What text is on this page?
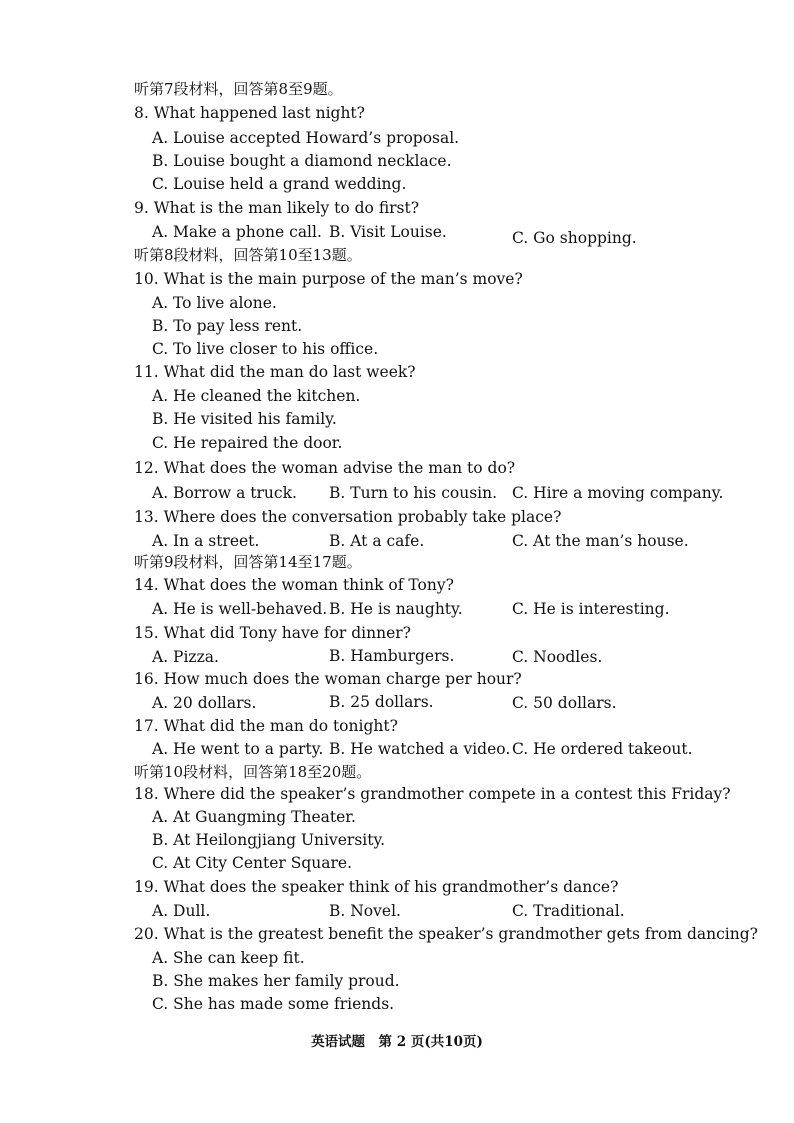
听第7段材料，回答第8至9题。
8. What happened last night?
A. Louise accepted Howard’s proposal.
B. Louise bought a diamond necklace.
C. Louise held a grand wedding.
9. What is the man likely to do first?
A. Make a phone call. B. Visit Louise.	C. Go shopping.
听第8段材料，回答第10至13题。
10. What is the main purpose of the man’s move?
A. To live alone.
B. To pay less rent.
C. To live closer to his office.
11. What did the man do last week?
A. He cleaned the kitchen.
B. He visited his family.
C. He repaired the door.
12. What does the woman advise the man to do?
A. Borrow a truck. B. Turn to his cousin. C. Hire a moving company.
13. Where does the conversation probably take place?
A. In a street.	B. At a cafe.	C. At the man’s house.
听第9段材料，回答第14至17题。
14. What does the woman think of Tony?
A. He is well-behaved. B. He is naughty.	C. He is interesting.
15. What did Tony have for dinner?
A. Pizza.	B. Hamburgers.	C. Noodles.
16. How much does the woman charge per hour?
A. 20 dollars.	B. 25 dollars.	C. 50 dollars.
17. What did the man do tonight?
A. He went to a party. B. He watched a video. C. He ordered takeout.
听第10段材料，回答第18至20题。
18. Where did the speaker’s grandmother compete in a contest this Friday?
A. At Guangming Theater.
B. At Heilongjiang University.
C. At City Center Square.
19. What does the speaker think of his grandmother’s dance?
A. Dull.	B. Novel.	C. Traditional.
20. What is the greatest benefit the speaker’s grandmother gets from dancing?
A. She can keep fit.
B. She makes her family proud.
C. She has made some friends.
英语试题　第 2 页(共10页)
